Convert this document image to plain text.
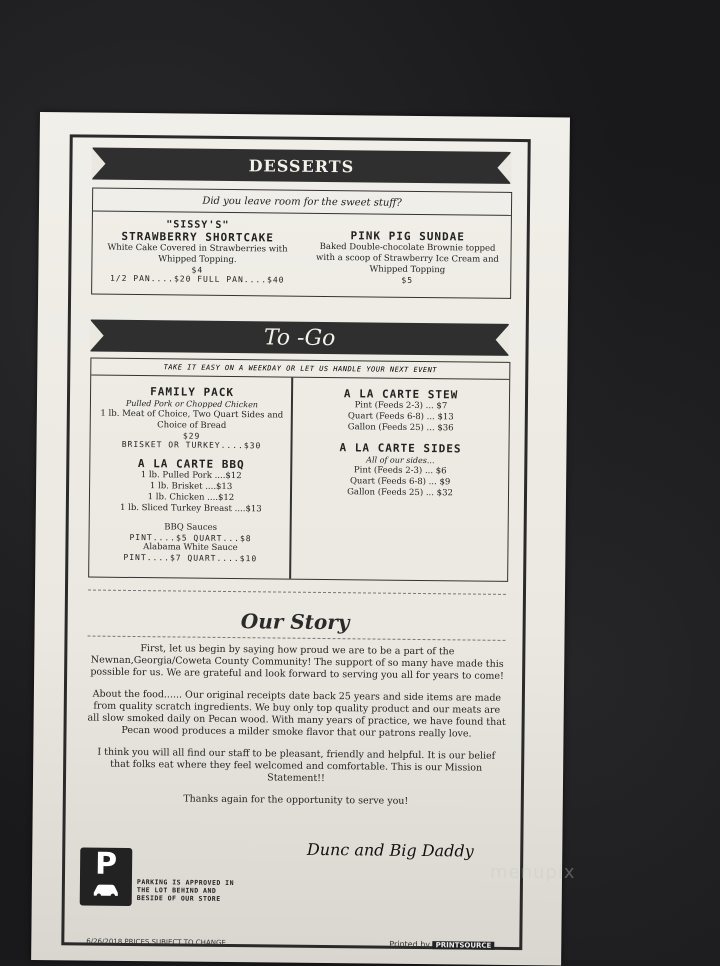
DESSERTS
Did you leave room for the sweet stuff?
"SISSY'S"
STRAWBERRY SHORTCAKE
White Cake Covered in Strawberries with Whipped Topping.
$4
1/2 PAN....$20 FULL PAN....$40
PINK PIG SUNDAE
Baked Double-chocolate Brownie topped with a scoop of Strawberry Ice Cream and Whipped Topping
$5
To -Go
TAKE IT EASY ON A WEEKDAY OR LET US HANDLE YOUR NEXT EVENT
FAMILY PACK
Pulled Pork or Chopped Chicken
1 lb. Meat of Choice, Two Quart Sides and Choice of Bread
$29
BRISKET OR TURKEY....$30
A LA CARTE BBQ
1 lb. Pulled Pork ....$12
1 lb. Brisket ....$13
1 lb. Chicken ....$12
1 lb. Sliced Turkey Breast ....$13
BBQ Sauces
PINT....$5 QUART...$8
Alabama White Sauce
PINT....$7 QUART....$10
A LA CARTE STEW
Pint (Feeds 2-3) ... $7
Quart (Feeds 6-8) ... $13
Gallon (Feeds 25) ... $36
A LA CARTE SIDES
All of our sides...
Pint (Feeds 2-3) ... $6
Quart (Feeds 6-8) ... $9
Gallon (Feeds 25) ... $32
Our Story

First, let us begin by saying how proud we are to be a part of the Newnan,Georgia/Coweta County Community! The support of so many have made this possible for us. We are grateful and look forward to serving you all for years to come!

About the food...... Our original receipts date back 25 years and side items are made from quality scratch ingredients. We buy only top quality product and our meats are all slow smoked daily on Pecan wood. With many years of practice, we have found that Pecan wood produces a milder smoke flavor that our patrons really love.

I think you will all find our staff to be pleasant, friendly and helpful. It is our belief that folks eat where they feel welcomed and comfortable. This is our Mission Statement!!

Thanks again for the opportunity to serve you!

Dunc and Big Daddy
P
PARKING IS APPROVED IN THE LOT BEHIND AND BESIDE OF OUR STORE
6/26/2018 PRICES SUBJECT TO CHANGE	Printed by PRINTSOURCE
menupix
